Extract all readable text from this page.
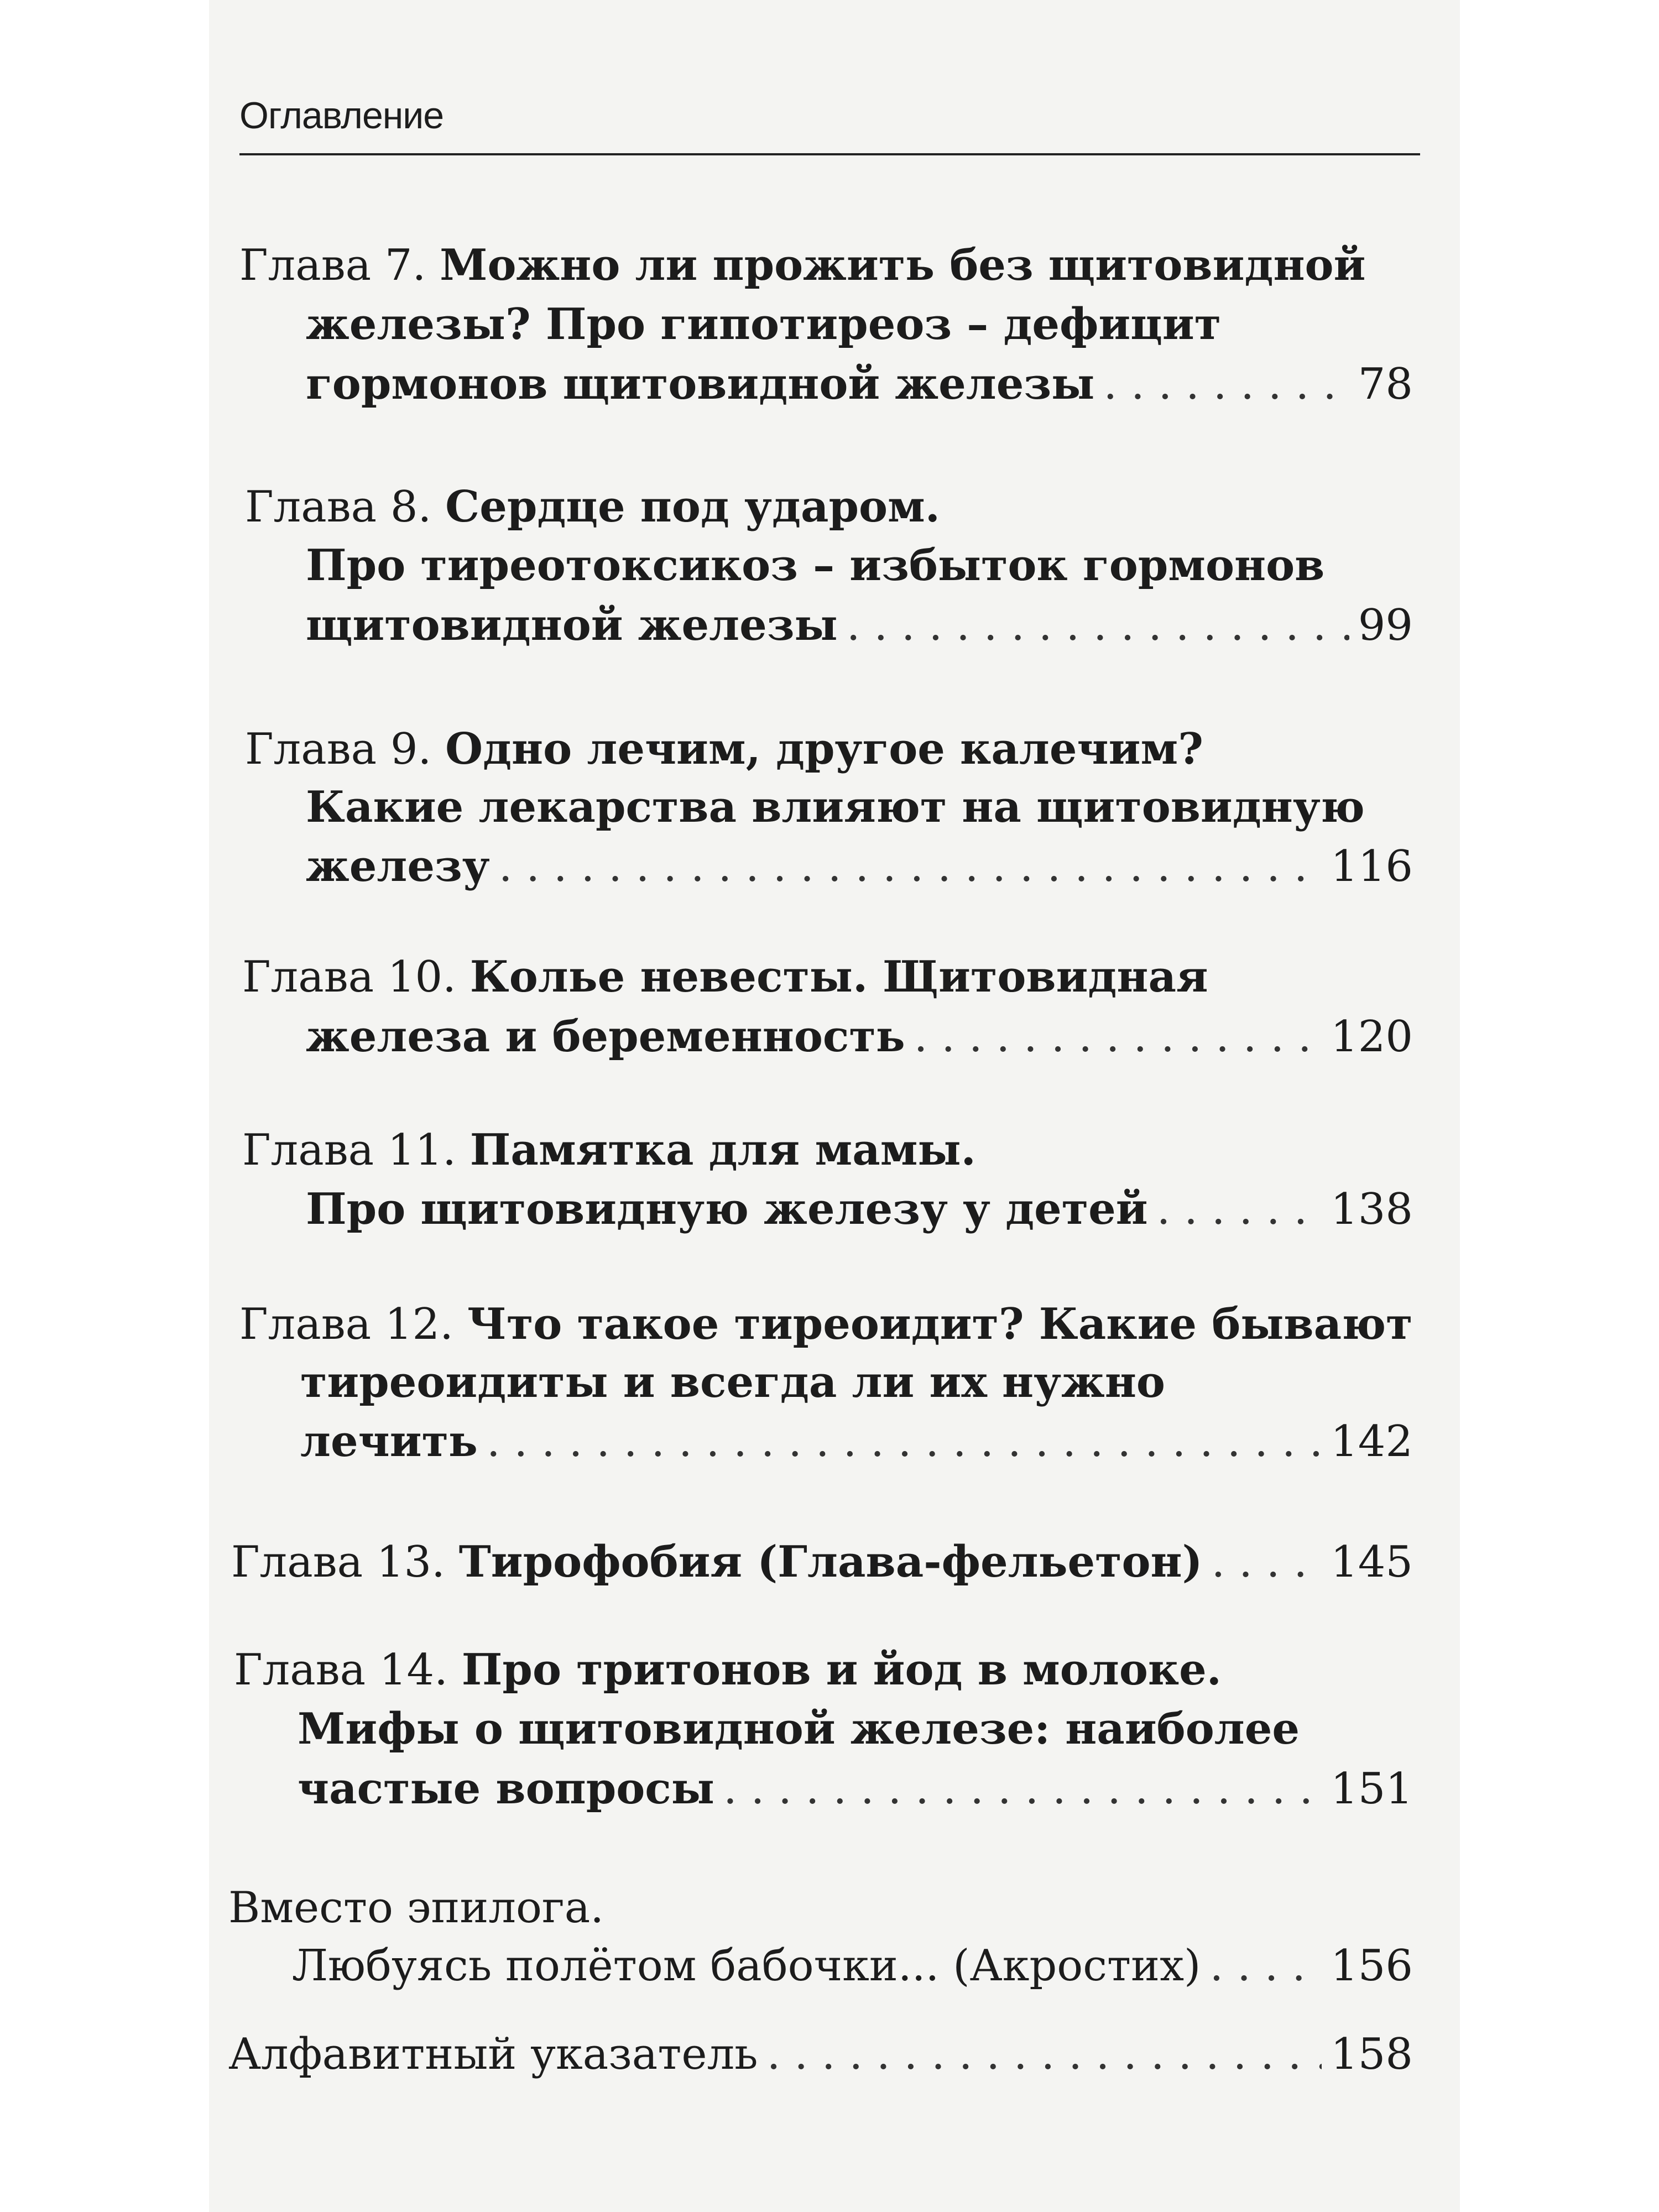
Оглавление
Глава 7. Можно ли прожить без щитовидной
железы? Про гипотиреоз – дефицит
гормонов щитовидной железы . . .	78
Глава 8. Сердце под ударом.
Про тиреотоксикоз – избыток гормонов
щитовидной железы . . .	99
Глава 9. Одно лечим, другое калечим?
Какие лекарства влияют на щитовидную
железу . . .	116
Глава 10. Колье невесты. Щитовидная
железа и беременность . . .	120
Глава 11. Памятка для мамы.
Про щитовидную железу у детей . . .	138
Глава 12. Что такое тиреоидит? Какие бывают
тиреоидиты и всегда ли их нужно
лечить . . .	142
Глава 13. Тирофобия (Глава-фельетон) . . .	145
Глава 14. Про тритонов и йод в молоке.
Мифы о щитовидной железе: наиболее
частые вопросы . . .	151
Вместо эпилога.
Любуясь полётом бабочки... (Акростих) . . .	156
Алфавитный указатель . . .	158
